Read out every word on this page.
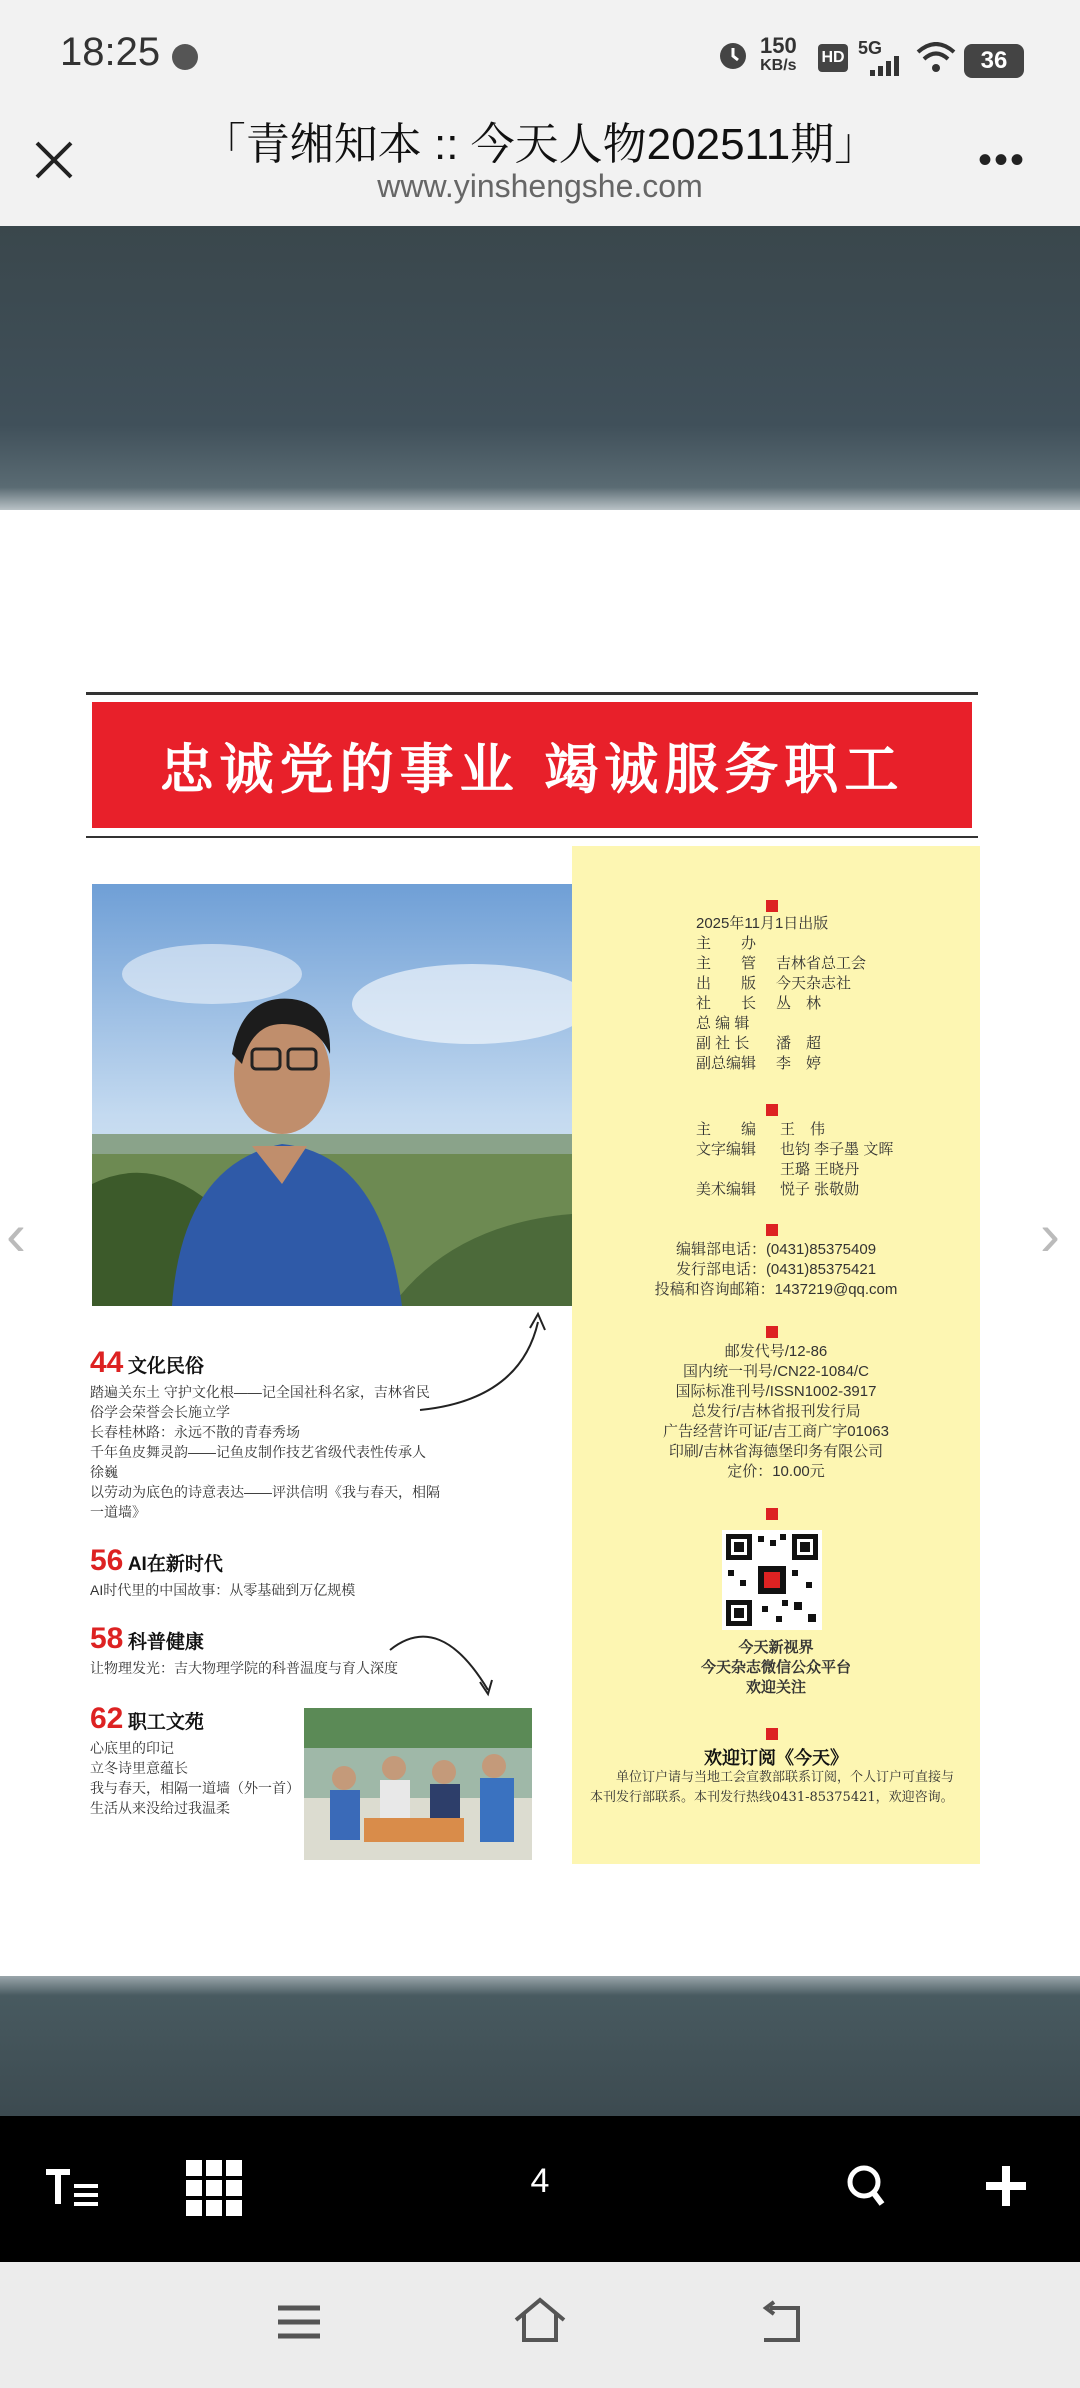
18:25	150
KB/s HD 5G	36
「青缃知本 :: 今天人物202511期」
www.yinshengshe.com
•••
‹	›
忠诚党的事业 竭诚服务职工
44 文化民俗
踏遍关东土 守护文化根——记全国社科名家，吉林省民
俗学会荣誉会长施立学
长春桂林路：永远不散的青春秀场
千年鱼皮舞灵韵——记鱼皮制作技艺省级代表性传承人
徐巍
以劳动为底色的诗意表达——评洪信明《我与春天，相隔
一道墙》
56 AI在新时代
AI时代里的中国故事：从零基础到万亿规模
58 科普健康
让物理发光：吉大物理学院的科普温度与育人深度
62 职工文苑
心底里的印记
立冬诗里意蕴长
我与春天，相隔一道墙（外一首）
生活从来没给过我温柔
2025年11月1日出版
主　　办
主　　管 吉林省总工会
出　　版 今天杂志社
社　　长 丛　林
总 编 辑
副 社 长 潘　超
副总编辑 李　婷
主　　编 王　伟
文字编辑 也钧 李子墨 文晖
王璐 王晓丹
美术编辑 悦子 张敬勋
编辑部电话：(0431)85375409
发行部电话：(0431)85375421
投稿和咨询邮箱：1437219@qq.com
邮发代号/12-86
国内统一刊号/CN22-1084/C
国际标准刊号/ISSN1002-3917
总发行/吉林省报刊发行局
广告经营许可证/吉工商广字01063
印刷/吉林省海德堡印务有限公司
定价：10.00元
今天新视界
今天杂志微信公众平台
欢迎关注
欢迎订阅《今天》
单位订户请与当地工会宣教部联系订阅，个人订户可直接与本刊发行部联系。本刊发行热线0431-85375421，欢迎咨询。
4
